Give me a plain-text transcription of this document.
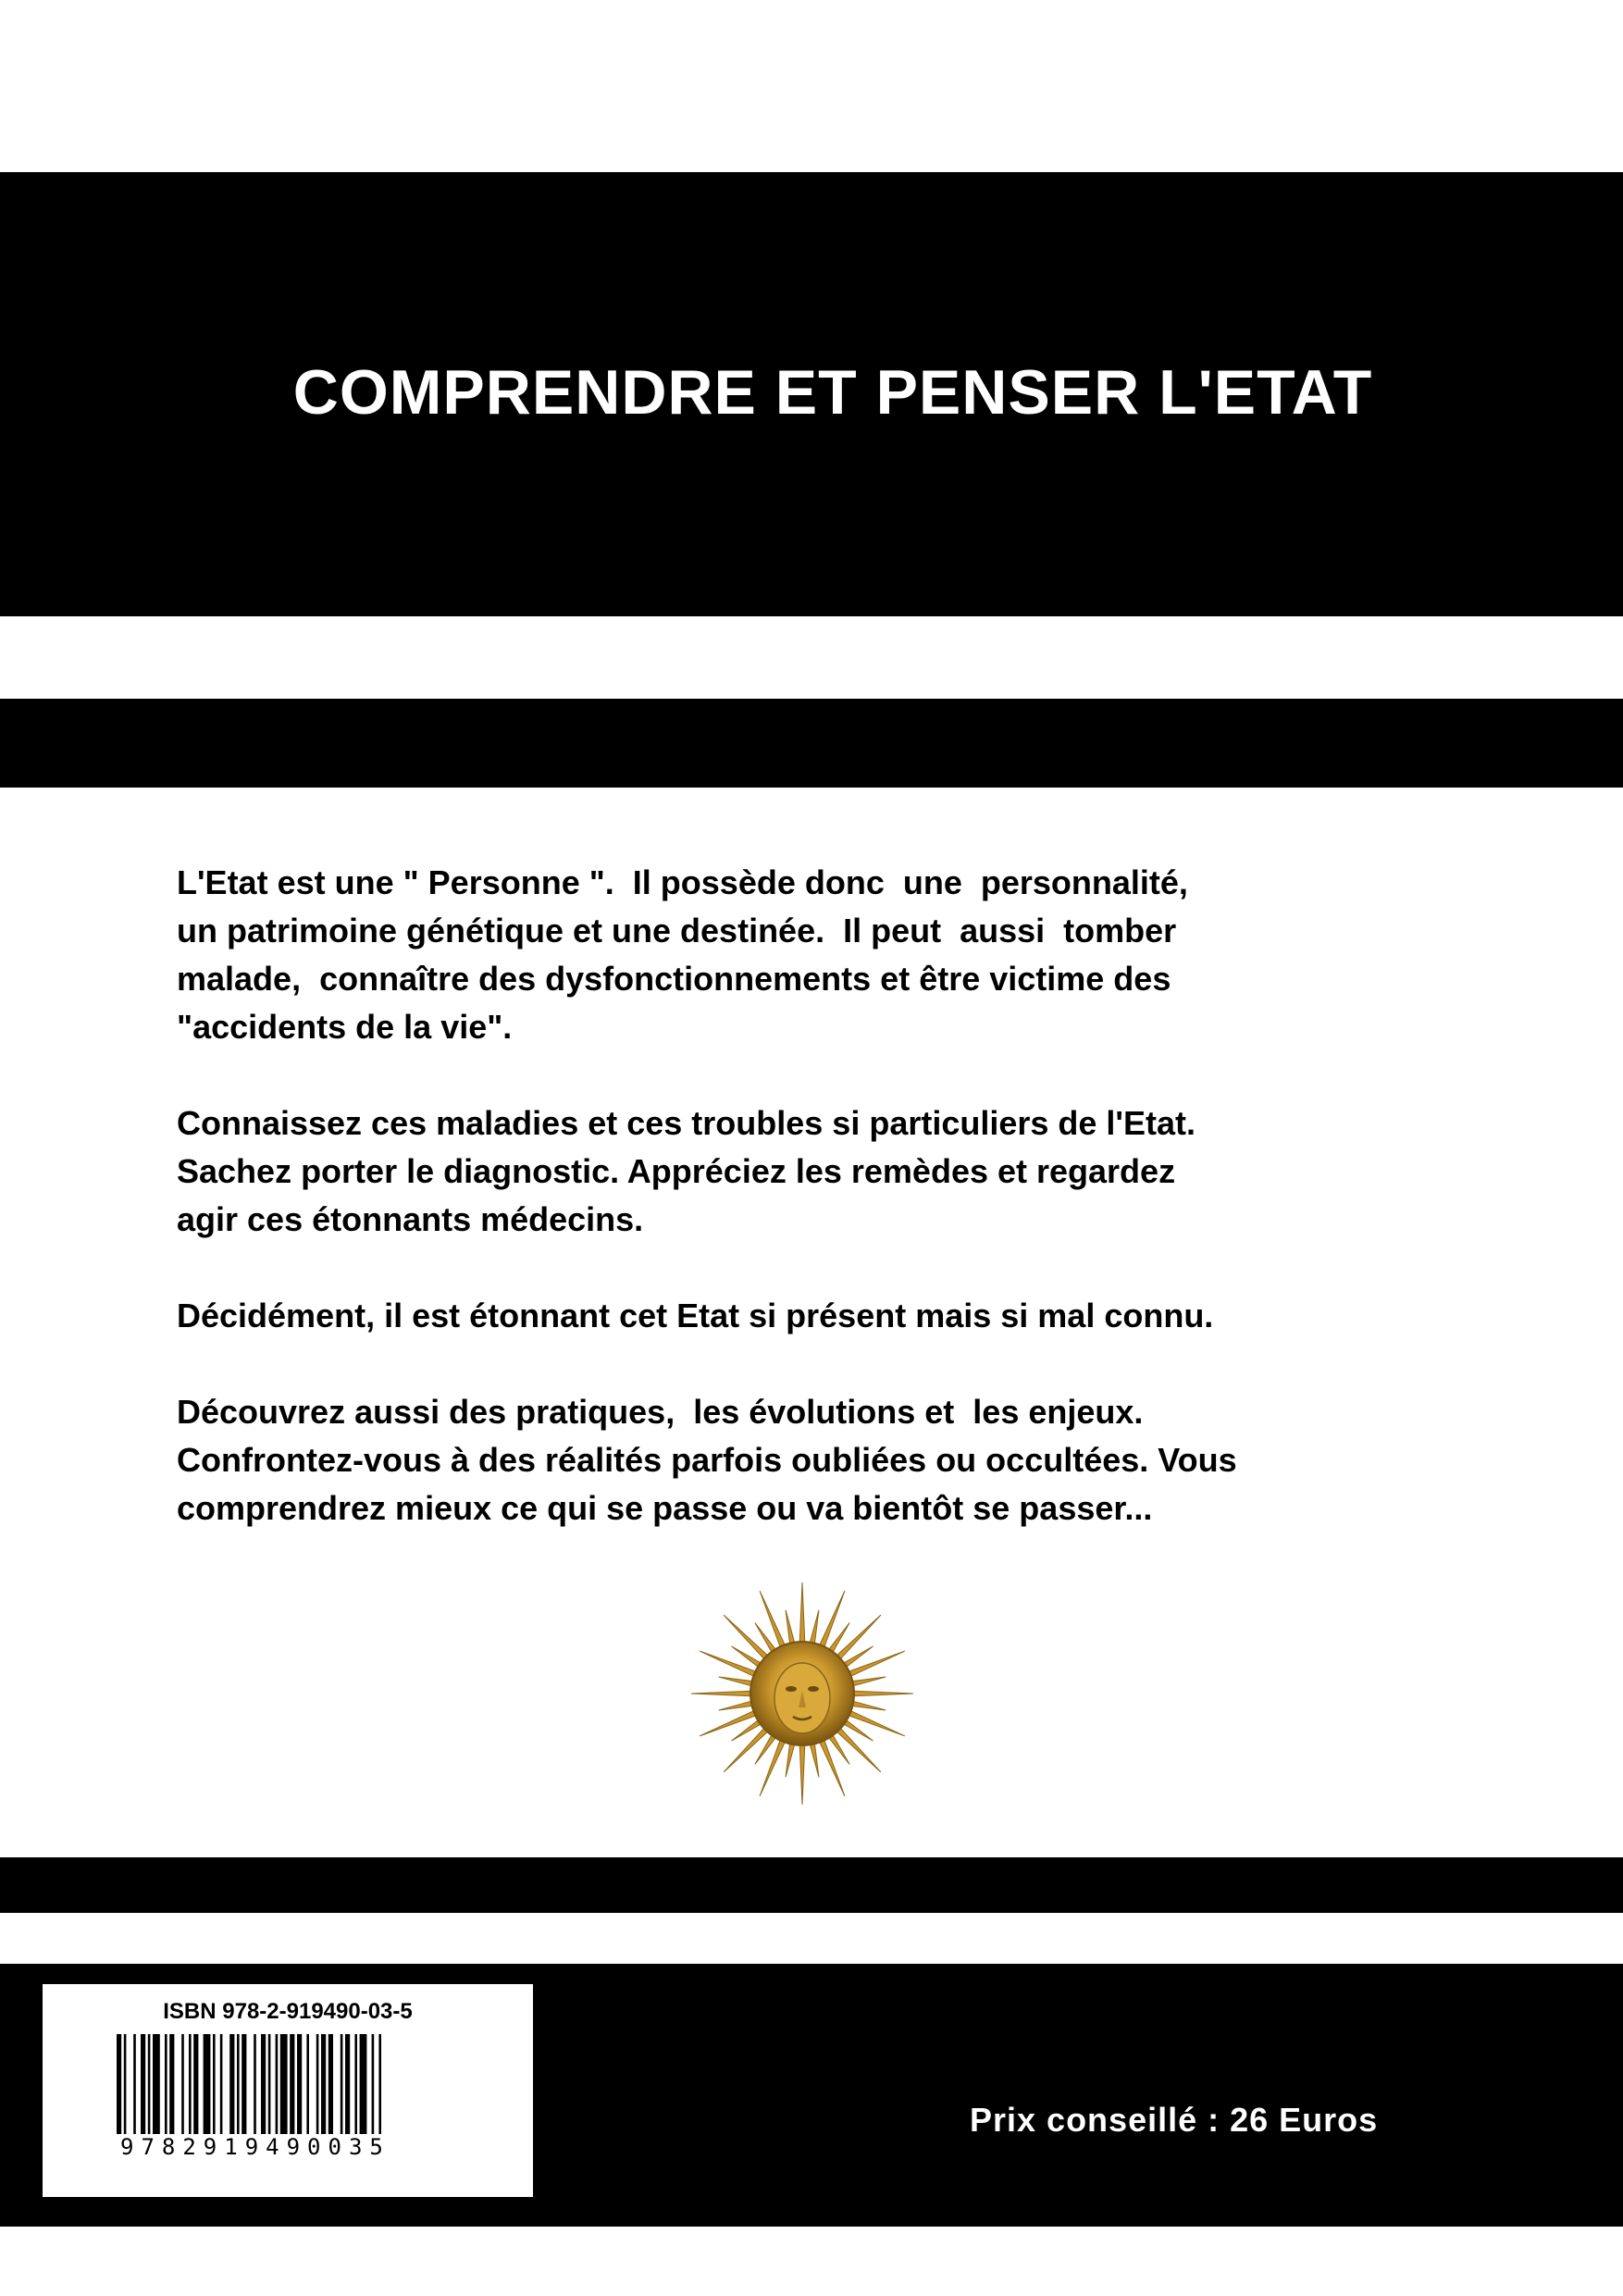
COMPRENDRE ET PENSER L'ETAT

L'Etat est une " Personne ".  Il possède donc  une  personnalité,
un patrimoine génétique et une destinée.  Il peut  aussi  tomber
malade,  connaître des dysfonctionnements et être victime des
"accidents de la vie".

Connaissez ces maladies et ces troubles si particuliers de l'Etat.
Sachez porter le diagnostic. Appréciez les remèdes et regardez
agir ces étonnants médecins.

Décidément, il est étonnant cet Etat si présent mais si mal connu.

Découvrez aussi des pratiques,  les évolutions et  les enjeux.
Confrontez-vous à des réalités parfois oubliées ou occultées. Vous
comprendrez mieux ce qui se passe ou va bientôt se passer...

ISBN 978-2-919490-03-5
9782919490035
Prix conseillé : 26 Euros
